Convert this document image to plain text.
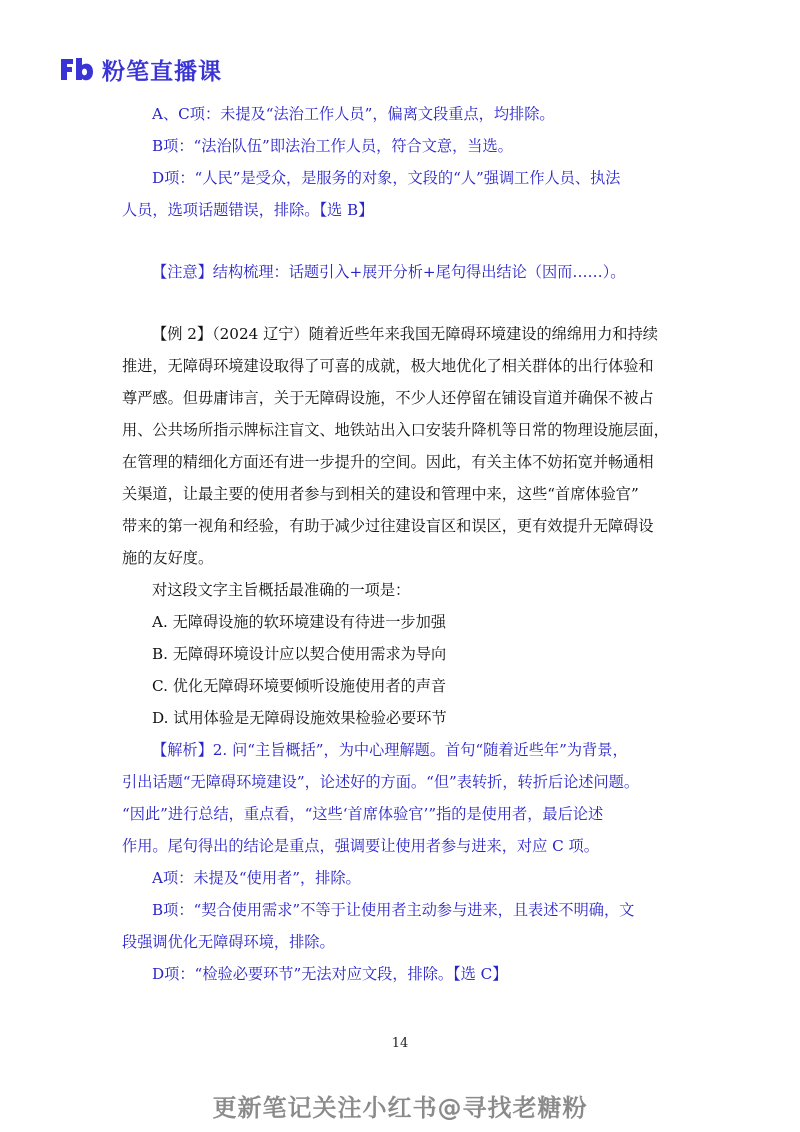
粉笔直播课

A、C项：未提及“法治工作人员”，偏离文段重点，均排除。

B项：“法治队伍”即法治工作人员，符合文意，当选。

D项：“人民”是受众，是服务的对象，文段的“人”强调工作人员、执法

人员，选项话题错误，排除。【选 B】

【注意】结构梳理：话题引入+展开分析+尾句得出结论（因而……）。

【例 2】（2024 辽宁）随着近些年来我国无障碍环境建设的绵绵用力和持续

推进，无障碍环境建设取得了可喜的成就，极大地优化了相关群体的出行体验和

尊严感。但毋庸讳言，关于无障碍设施，不少人还停留在铺设盲道并确保不被占

用、公共场所指示牌标注盲文、地铁站出入口安装升降机等日常的物理设施层面，

在管理的精细化方面还有进一步提升的空间。因此，有关主体不妨拓宽并畅通相

关渠道，让最主要的使用者参与到相关的建设和管理中来，这些“首席体验官”

带来的第一视角和经验，有助于减少过往建设盲区和误区，更有效提升无障碍设

施的友好度。

对这段文字主旨概括最准确的一项是：

A. 无障碍设施的软环境建设有待进一步加强

B. 无障碍环境设计应以契合使用需求为导向

C. 优化无障碍环境要倾听设施使用者的声音

D. 试用体验是无障碍设施效果检验必要环节

【解析】2. 问“主旨概括”，为中心理解题。首句“随着近些年”为背景，

引出话题“无障碍环境建设”，论述好的方面。“但”表转折，转折后论述问题。

“因此”进行总结，重点看，“这些‘首席体验官’”指的是使用者，最后论述

作用。尾句得出的结论是重点，强调要让使用者参与进来，对应 C 项。

A项：未提及“使用者”，排除。

B项：“契合使用需求”不等于让使用者主动参与进来，且表述不明确，文

段强调优化无障碍环境，排除。

D项：“检验必要环节”无法对应文段，排除。【选 C】

14
更新笔记关注小红书@寻找老糖粉
